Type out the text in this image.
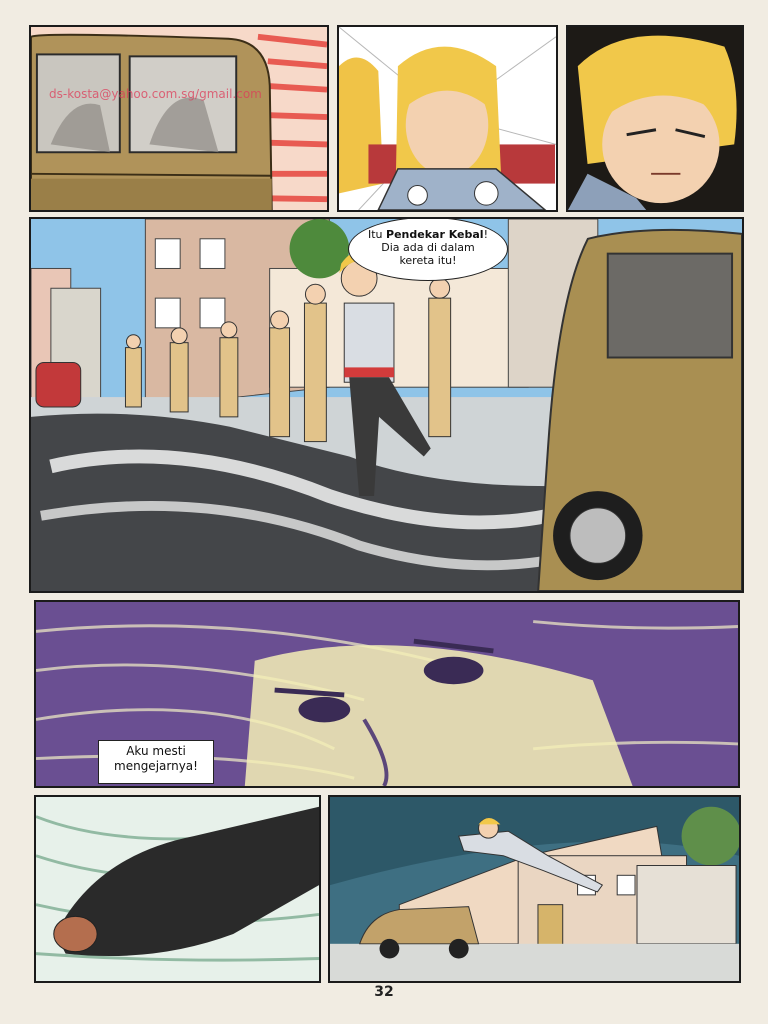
ds-kosta@yahoo.com.sg/gmail.com
Itu Pendekar Kebal!
Dia ada di dalam
kereta itu!
Aku mesti
mengejarnya!
32
